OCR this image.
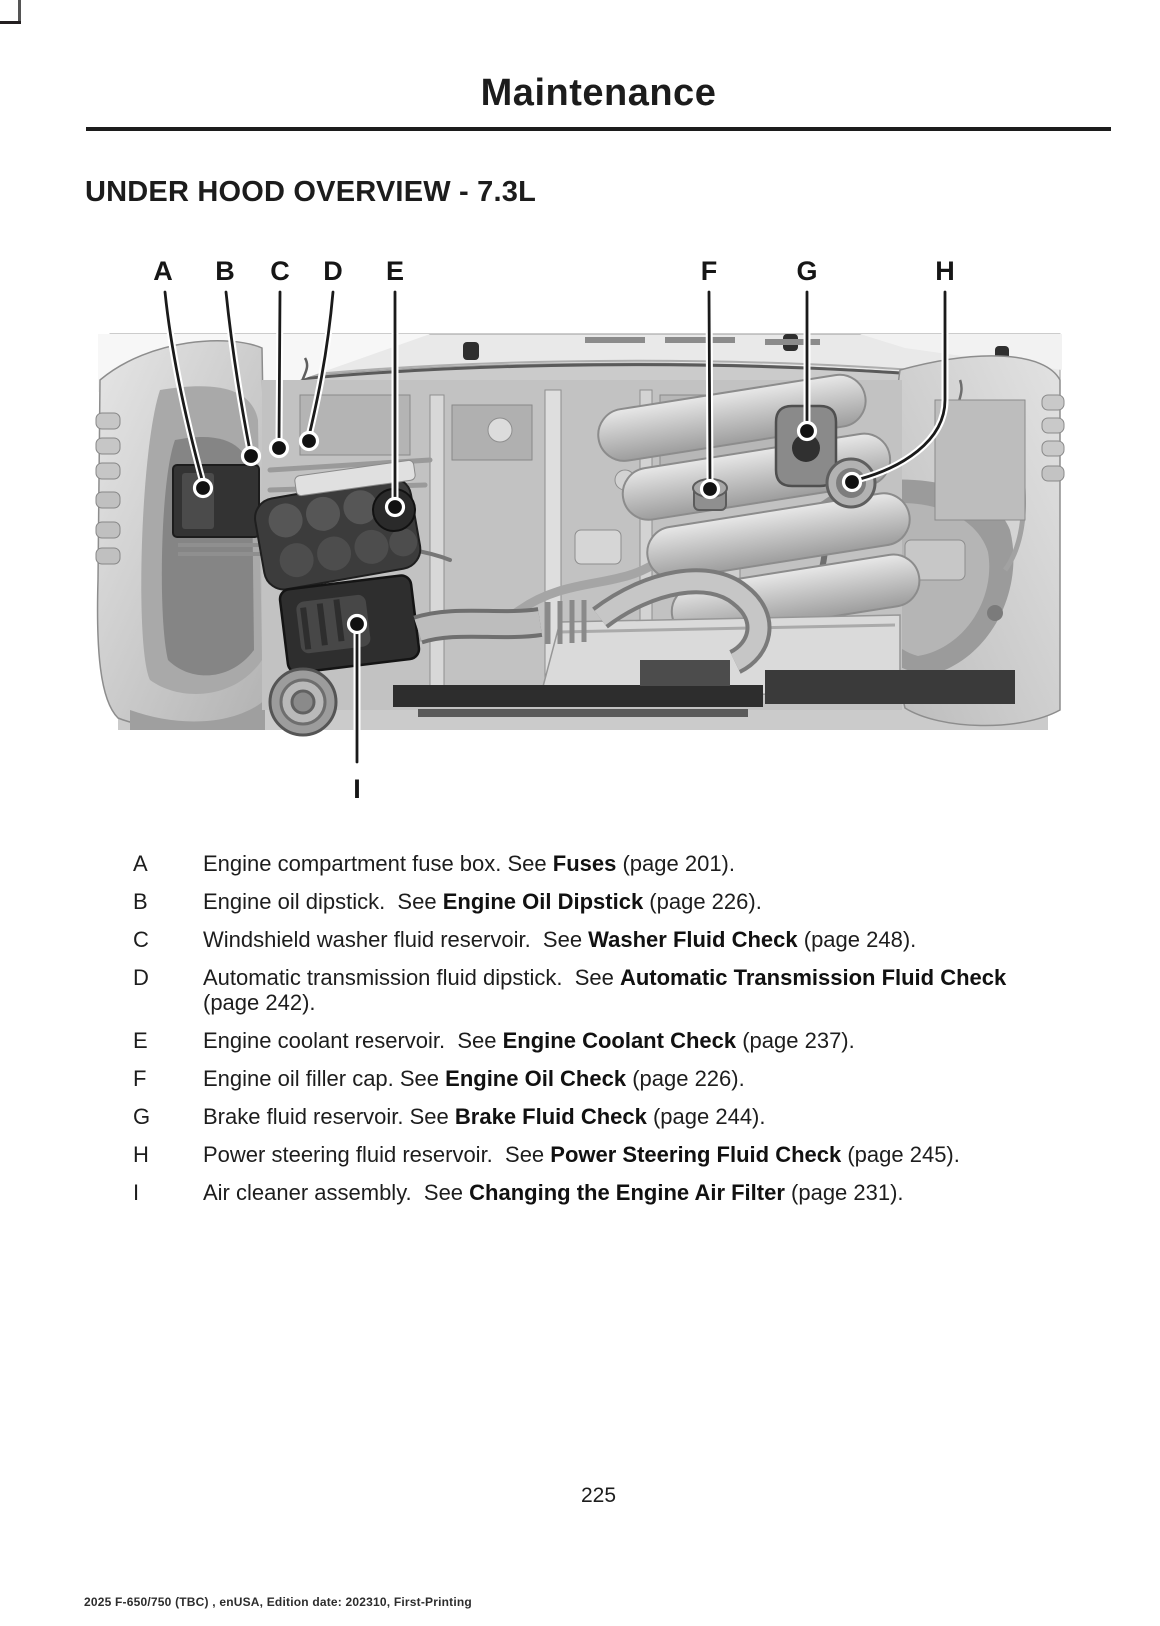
Maintenance
UNDER HOOD OVERVIEW - 7.3L
A B C D E	F	G	H
I
A	Engine compartment fuse box. See Fuses (page 201).
B	Engine oil dipstick.  See Engine Oil Dipstick (page 226).
C	Windshield washer fluid reservoir.  See Washer Fluid Check (page 248).
D	Automatic transmission fluid dipstick.  See Automatic Transmission Fluid Check (page 242).
E	Engine coolant reservoir.  See Engine Coolant Check (page 237).
F	Engine oil filler cap. See Engine Oil Check (page 226).
G	Brake fluid reservoir. See Brake Fluid Check (page 244).
H	Power steering fluid reservoir.  See Power Steering Fluid Check (page 245).
I	Air cleaner assembly.  See Changing the Engine Air Filter (page 231).
225
2025 F-650/750 (TBC) , enUSA, Edition date: 202310, First-Printing
